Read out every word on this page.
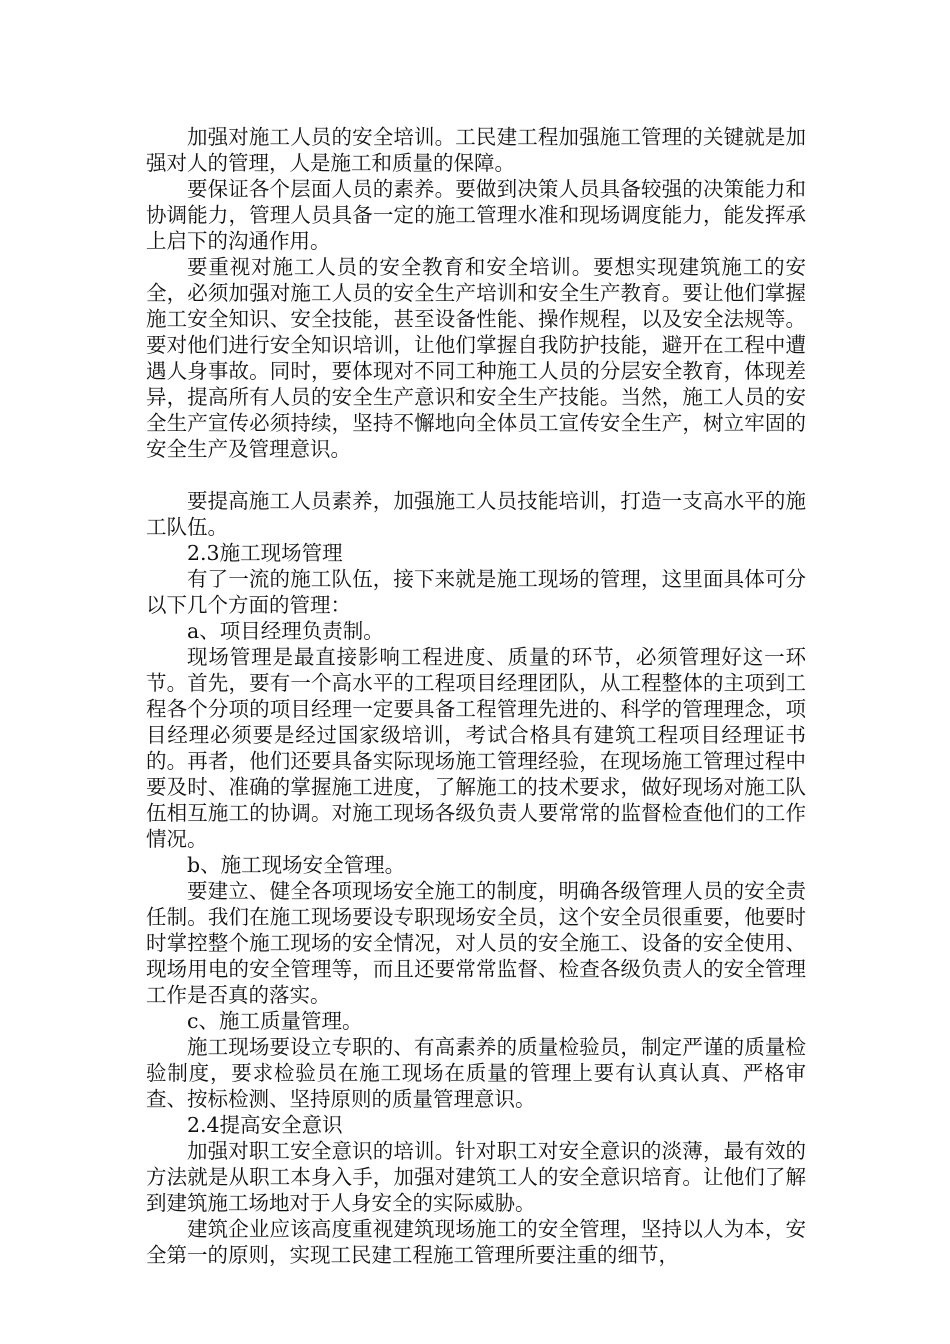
加强对施工人员的安全培训。工民建工程加强施工管理的关键就是加强对人的管理，人是施工和质量的保障。

要保证各个层面人员的素养。要做到决策人员具备较强的决策能力和协调能力，管理人员具备一定的施工管理水准和现场调度能力，能发挥承上启下的沟通作用。

要重视对施工人员的安全教育和安全培训。要想实现建筑施工的安全，必须加强对施工人员的安全生产培训和安全生产教育。要让他们掌握施工安全知识、安全技能，甚至设备性能、操作规程，以及安全法规等。要对他们进行安全知识培训，让他们掌握自我防护技能，避开在工程中遭遇人身事故。同时，要体现对不同工种施工人员的分层安全教育，体现差异，提高所有人员的安全生产意识和安全生产技能。当然，施工人员的安全生产宣传必须持续，坚持不懈地向全体员工宣传安全生产，树立牢固的安全生产及管理意识。

要提高施工人员素养，加强施工人员技能培训，打造一支高水平的施工队伍。

2.3施工现场管理

有了一流的施工队伍，接下来就是施工现场的管理，这里面具体可分以下几个方面的管理：

a、项目经理负责制。

现场管理是最直接影响工程进度、质量的环节，必须管理好这一环节。首先，要有一个高水平的工程项目经理团队，从工程整体的主项到工程各个分项的项目经理一定要具备工程管理先进的、科学的管理理念，项目经理必须要是经过国家级培训，考试合格具有建筑工程项目经理证书的。再者，他们还要具备实际现场施工管理经验，在现场施工管理过程中要及时、准确的掌握施工进度，了解施工的技术要求，做好现场对施工队伍相互施工的协调。对施工现场各级负责人要常常的监督检查他们的工作情况。

b、施工现场安全管理。

要建立、健全各项现场安全施工的制度，明确各级管理人员的安全责任制。我们在施工现场要设专职现场安全员，这个安全员很重要，他要时时掌控整个施工现场的安全情况，对人员的安全施工、设备的安全使用、现场用电的安全管理等，而且还要常常监督、检查各级负责人的安全管理工作是否真的落实。

c、施工质量管理。

施工现场要设立专职的、有高素养的质量检验员，制定严谨的质量检验制度，要求检验员在施工现场在质量的管理上要有认真认真、严格审查、按标检测、坚持原则的质量管理意识。

2.4提高安全意识

加强对职工安全意识的培训。针对职工对安全意识的淡薄，最有效的方法就是从职工本身入手，加强对建筑工人的安全意识培育。让他们了解到建筑施工场地对于人身安全的实际威胁。

建筑企业应该高度重视建筑现场施工的安全管理，坚持以人为本，安全第一的原则，实现工民建工程施工管理所要注重的细节，
